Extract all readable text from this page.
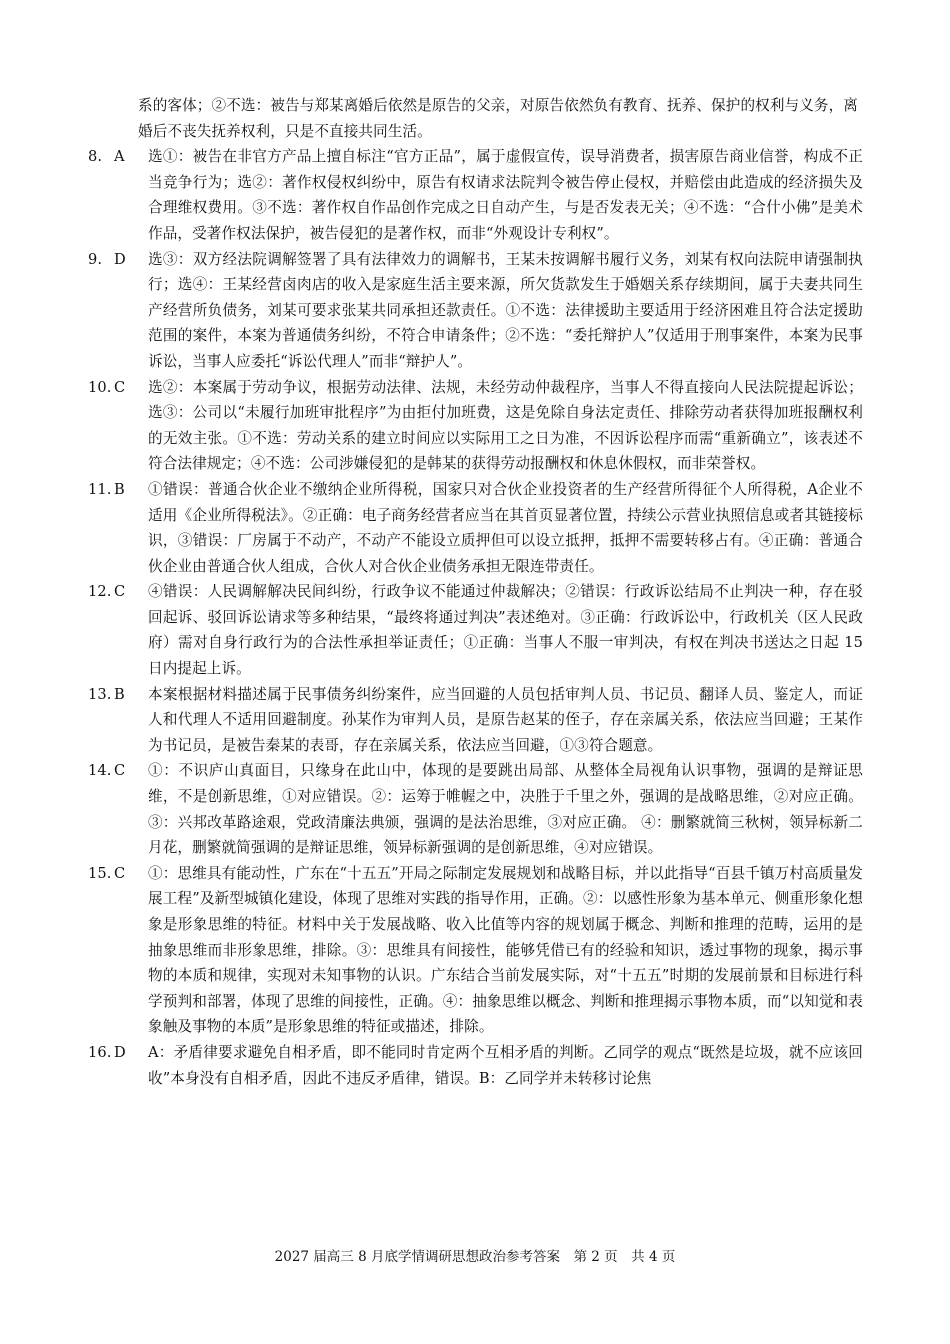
系的客体；②不选：被告与郑某离婚后依然是原告的父亲，对原告依然负有教育、抚养、保护的权利与义务，离婚后不丧失抚养权利，只是不直接共同生活。
8. A	选①：被告在非官方产品上擅自标注“官方正品”，属于虚假宣传，误导消费者，损害原告商业信誉，构成不正当竞争行为；选②：著作权侵权纠纷中，原告有权请求法院判令被告停止侵权，并赔偿由此造成的经济损失及合理维权费用。③不选：著作权自作品创作完成之日自动产生，与是否发表无关；④不选：“合什小佛”是美术作品，受著作权法保护，被告侵犯的是著作权，而非“外观设计专利权”。
9. D	选③：双方经法院调解签署了具有法律效力的调解书，王某未按调解书履行义务，刘某有权向法院申请强制执行；选④：王某经营卤肉店的收入是家庭生活主要来源，所欠货款发生于婚姻关系存续期间，属于夫妻共同生产经营所负债务，刘某可要求张某共同承担还款责任。①不选：法律援助主要适用于经济困难且符合法定援助范围的案件，本案为普通债务纠纷，不符合申请条件；②不选：“委托辩护人”仅适用于刑事案件，本案为民事诉讼，当事人应委托“诉讼代理人”而非“辩护人”。
10. C	选②：本案属于劳动争议，根据劳动法律、法规，未经劳动仲裁程序，当事人不得直接向人民法院提起诉讼；选③：公司以“未履行加班审批程序”为由拒付加班费，这是免除自身法定责任、排除劳动者获得加班报酬权利的无效主张。①不选：劳动关系的建立时间应以实际用工之日为准，不因诉讼程序而需“重新确立”，该表述不符合法律规定；④不选：公司涉嫌侵犯的是韩某的获得劳动报酬权和休息休假权，而非荣誉权。
11. B	①错误：普通合伙企业不缴纳企业所得税，国家只对合伙企业投资者的生产经营所得征个人所得税，A企业不适用《企业所得税法》。②正确：电子商务经营者应当在其首页显著位置，持续公示营业执照信息或者其链接标识，③错误：厂房属于不动产，不动产不能设立质押但可以设立抵押，抵押不需要转移占有。④正确：普通合伙企业由普通合伙人组成，合伙人对合伙企业债务承担无限连带责任。
12. C	④错误：人民调解解决民间纠纷，行政争议不能通过仲裁解决；②错误：行政诉讼结局不止判决一种，存在驳回起诉、驳回诉讼请求等多种结果，“最终将通过判决”表述绝对。③正确：行政诉讼中，行政机关（区人民政府）需对自身行政行为的合法性承担举证责任；①正确：当事人不服一审判决，有权在判决书送达之日起 15 日内提起上诉。
13. B	本案根据材料描述属于民事债务纠纷案件，应当回避的人员包括审判人员、书记员、翻译人员、鉴定人，而证人和代理人不适用回避制度。孙某作为审判人员，是原告赵某的侄子，存在亲属关系，依法应当回避；王某作为书记员，是被告秦某的表哥，存在亲属关系，依法应当回避，①③符合题意。
14. C	①：不识庐山真面目，只缘身在此山中，体现的是要跳出局部、从整体全局视角认识事物，强调的是辩证思维，不是创新思维，①对应错误。②：运筹于帷幄之中，决胜于千里之外，强调的是战略思维，②对应正确。 ③：兴邦改革路途艰，党政清廉法典颁，强调的是法治思维，③对应正确。 ④：删繁就简三秋树，领异标新二月花，删繁就简强调的是辩证思维，领异标新强调的是创新思维，④对应错误。
15. C	①：思维具有能动性，广东在“十五五”开局之际制定发展规划和战略目标，并以此指导“百县千镇万村高质量发展工程”及新型城镇化建设，体现了思维对实践的指导作用，正确。②：以感性形象为基本单元、侧重形象化想象是形象思维的特征。材料中关于发展战略、收入比值等内容的规划属于概念、判断和推理的范畴，运用的是抽象思维而非形象思维，排除。③：思维具有间接性，能够凭借已有的经验和知识，透过事物的现象，揭示事物的本质和规律，实现对未知事物的认识。广东结合当前发展实际，对“十五五”时期的发展前景和目标进行科学预判和部署，体现了思维的间接性，正确。④：抽象思维以概念、判断和推理揭示事物本质，而“以知觉和表象触及事物的本质”是形象思维的特征或描述，排除。
16. D	A：矛盾律要求避免自相矛盾，即不能同时肯定两个互相矛盾的判断。乙同学的观点“既然是垃圾，就不应该回收”本身没有自相矛盾，因此不违反矛盾律，错误。B：乙同学并未转移讨论焦
2027 届高三 8 月底学情调研思想政治参考答案　第 2 页　共 4 页
